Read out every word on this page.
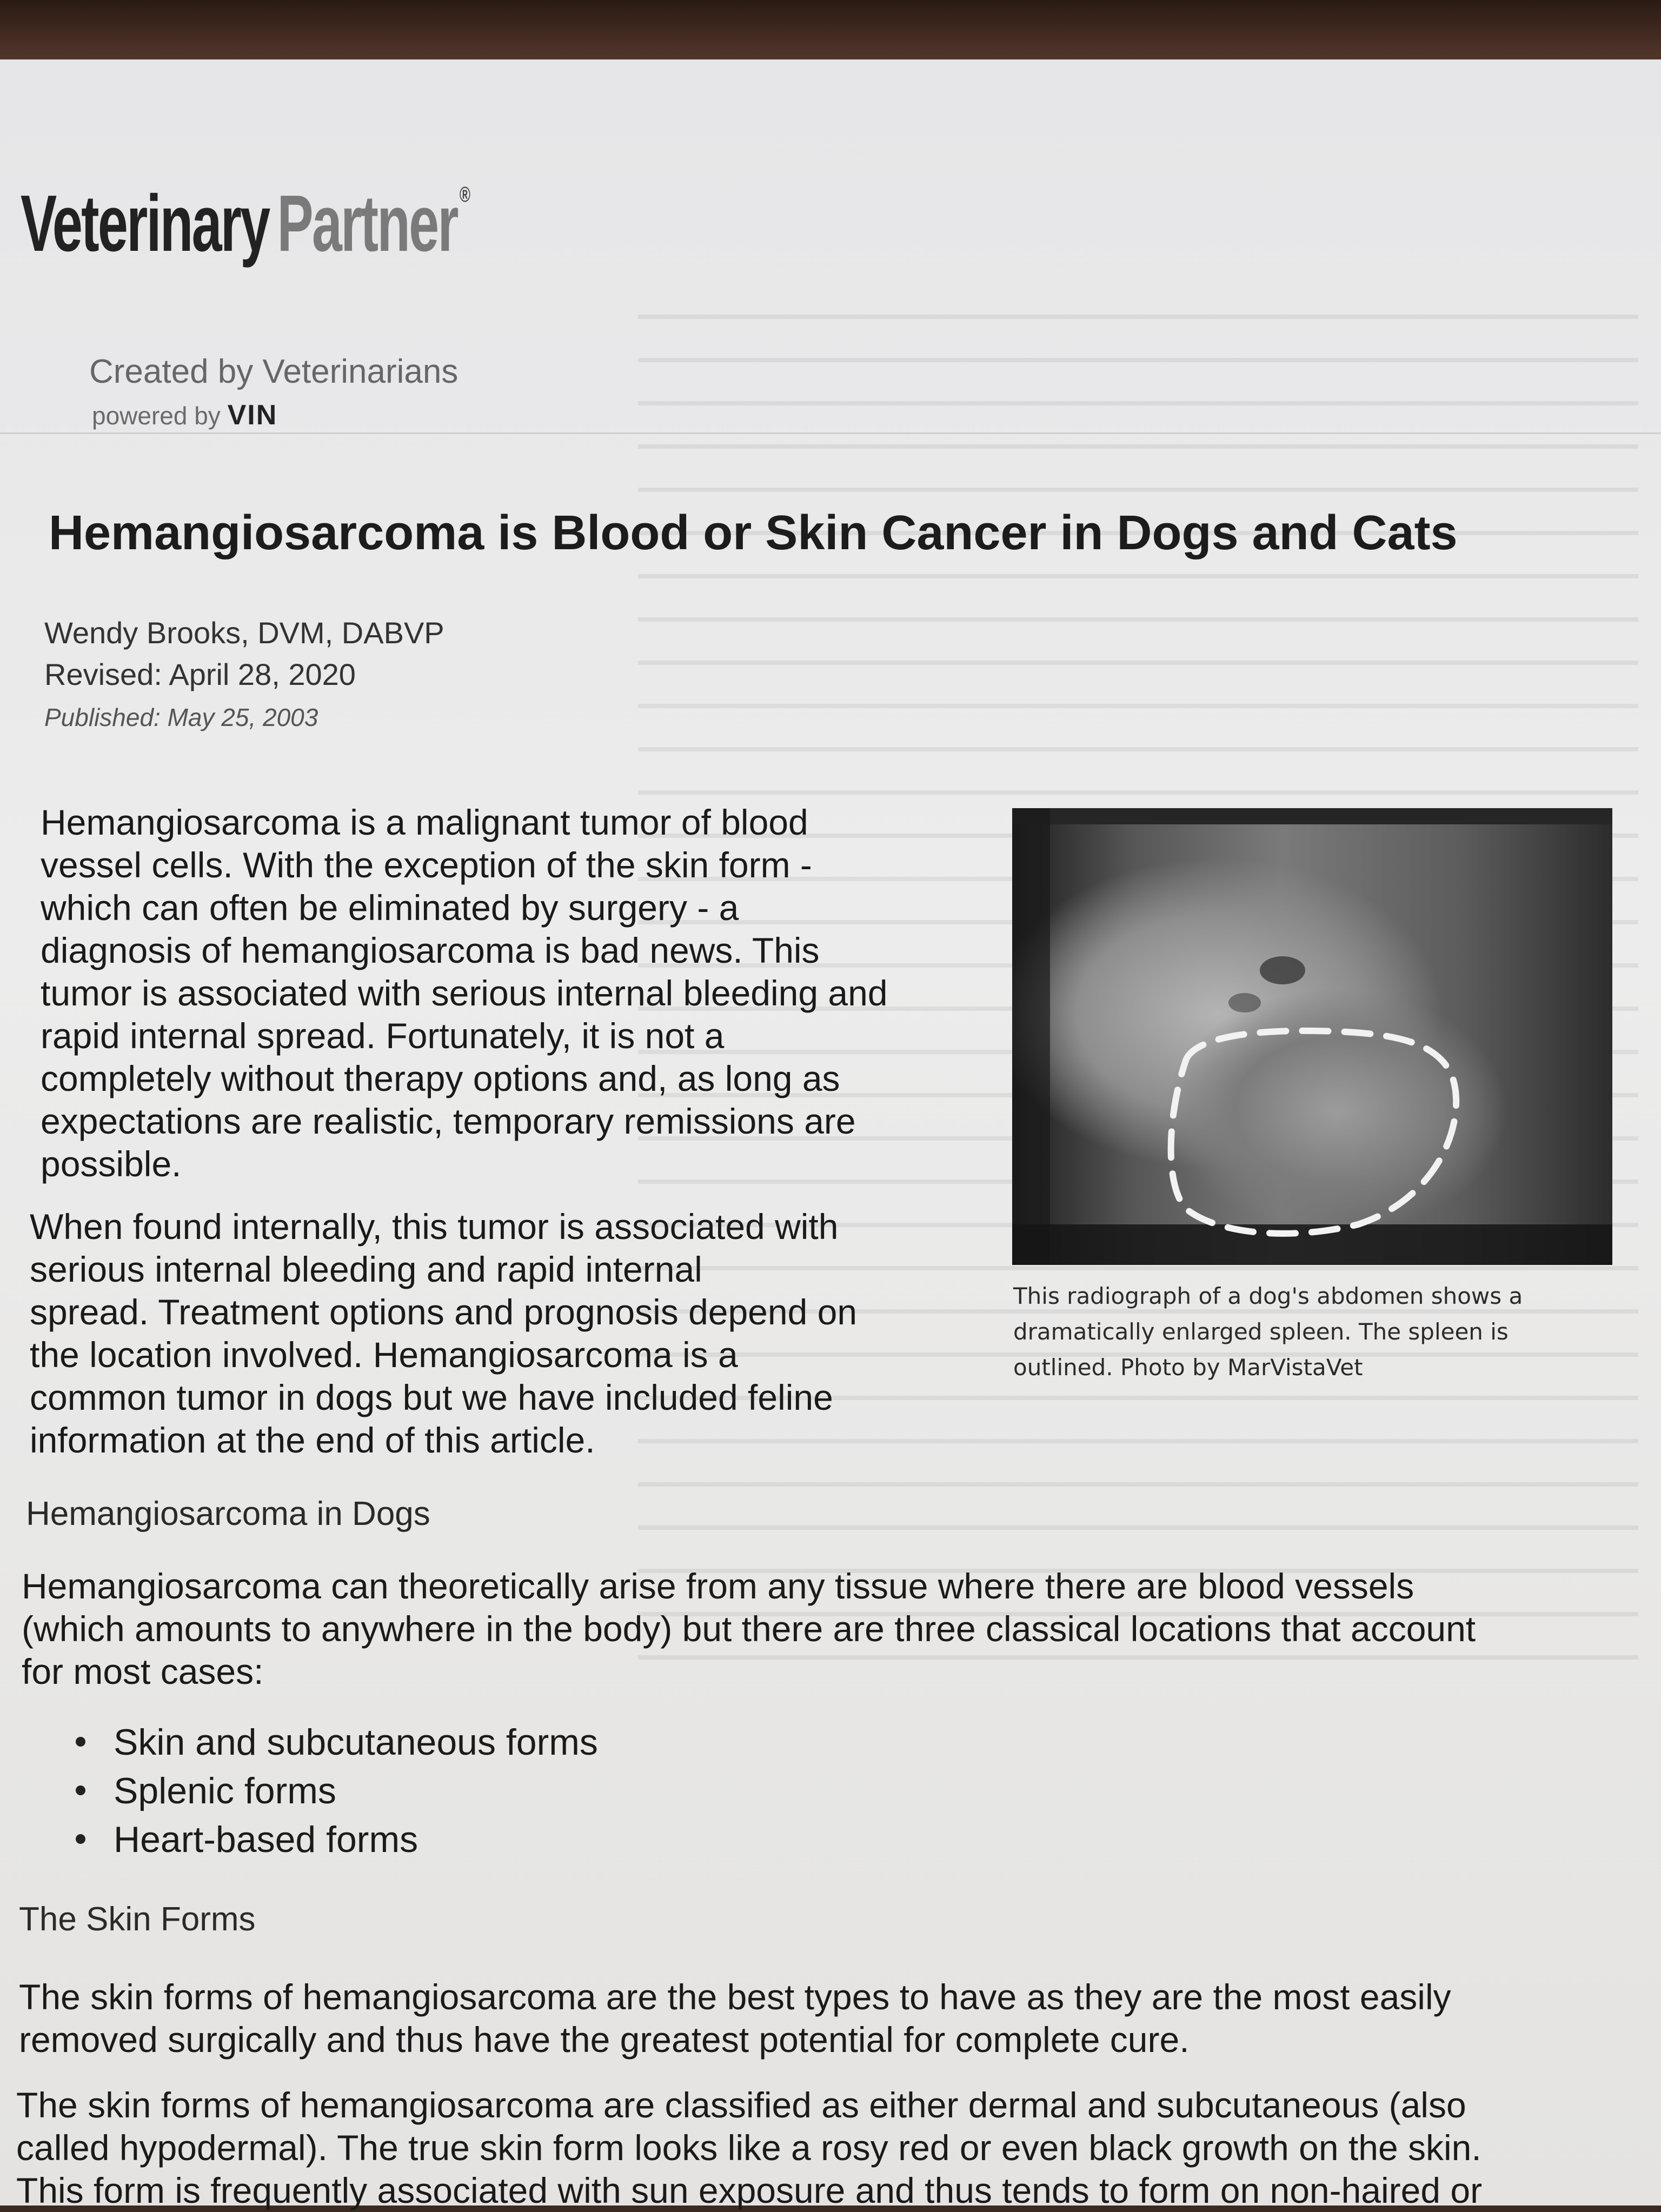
Veterinary Partner ®
Created by Veterinarians
powered by VIN
Hemangiosarcoma is Blood or Skin Cancer in Dogs and Cats
Wendy Brooks, DVM, DABVP
Revised: April 28, 2020
Published: May 25, 2003
Hemangiosarcoma is a malignant tumor of blood
vessel cells. With the exception of the skin form -
which can often be eliminated by surgery - a
diagnosis of hemangiosarcoma is bad news. This
tumor is associated with serious internal bleeding and
rapid internal spread. Fortunately, it is not a
completely without therapy options and, as long as
expectations are realistic, temporary remissions are
possible.
When found internally, this tumor is associated with
serious internal bleeding and rapid internal
spread. Treatment options and prognosis depend on
the location involved. Hemangiosarcoma is a
common tumor in dogs but we have included feline
information at the end of this article.
This radiograph of a dog's abdomen shows a
dramatically enlarged spleen. The spleen is
outlined. Photo by MarVistaVet
Hemangiosarcoma in Dogs
Hemangiosarcoma can theoretically arise from any tissue where there are blood vessels
(which amounts to anywhere in the body) but there are three classical locations that account
for most cases:
Skin and subcutaneous forms
Splenic forms
Heart-based forms
The Skin Forms
The skin forms of hemangiosarcoma are the best types to have as they are the most easily
removed surgically and thus have the greatest potential for complete cure.
The skin forms of hemangiosarcoma are classified as either dermal and subcutaneous (also
called hypodermal). The true skin form looks like a rosy red or even black growth on the skin.
This form is frequently associated with sun exposure and thus tends to form on non-haired or
